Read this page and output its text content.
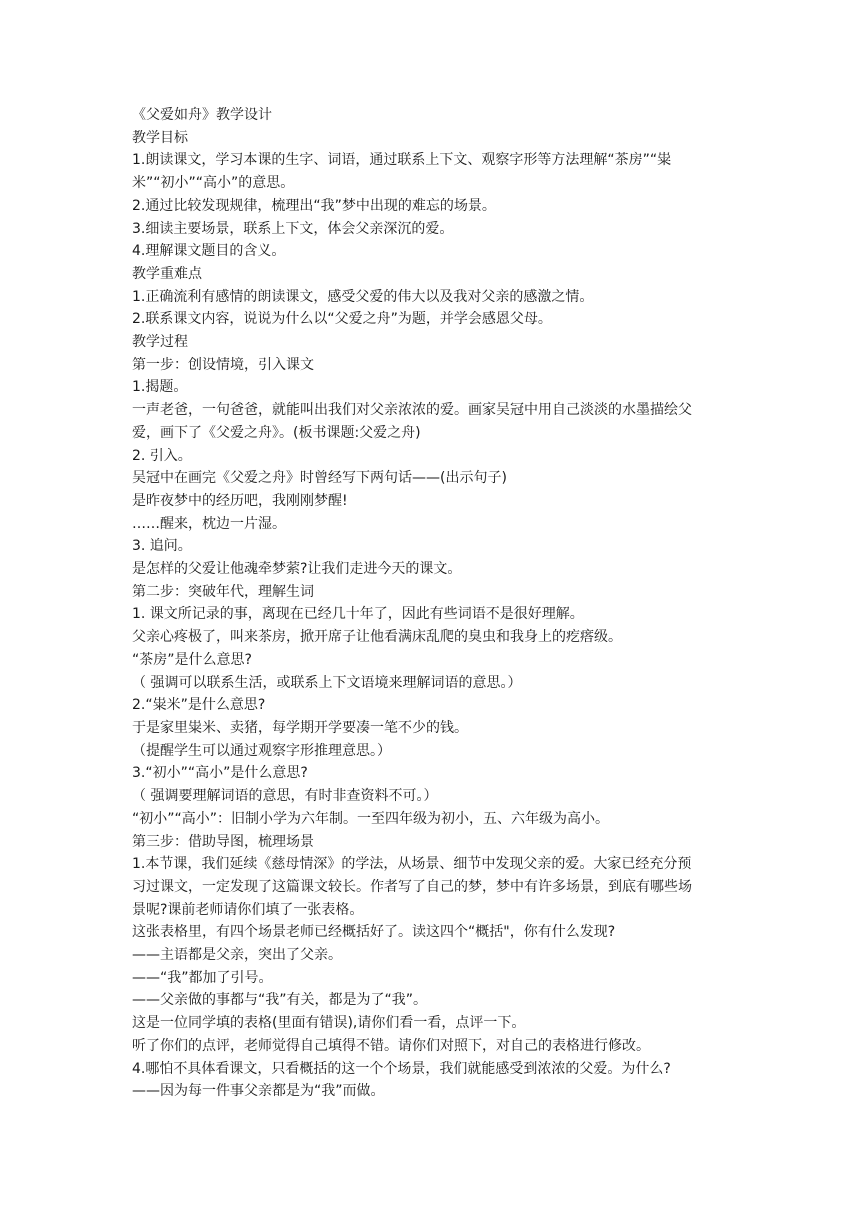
《父爱如舟》教学设计

教学目标

1.朗读课文，学习本课的生字、词语，通过联系上下文、观察字形等方法理解“茶房”“粜

米”“初小”“高小”的意思。

2.通过比较发现规律，梳理出“我”梦中出现的难忘的场景。

3.细读主要场景，联系上下文，体会父亲深沉的爱。

4.理解课文题目的含义。

教学重难点

1.正确流利有感情的朗读课文，感受父爱的伟大以及我对父亲的感激之情。

2.联系课文内容，说说为什么以“父爱之舟”为题，并学会感恩父母。

教学过程

第一步：创设情境，引入课文

1.揭题。

一声老爸，一句爸爸，就能叫出我们对父亲浓浓的爱。画家吴冠中用自己淡淡的水墨描绘父

爱，画下了《父爱之舟》。(板书课题:父爱之舟)

2. 引入。

吴冠中在画完《父爱之舟》时曾经写下两句话——(出示句子)

是昨夜梦中的经历吧，我刚刚梦醒!

……醒来，枕边一片湿。

3. 追问。

是怎样的父爱让他魂牵梦萦?让我们走进今天的课文。

第二步：突破年代，理解生词

1. 课文所记录的事，离现在已经几十年了，因此有些词语不是很好理解。

父亲心疼极了，叫来茶房，掀开席子让他看满床乱爬的臭虫和我身上的疙瘩级。

“茶房”是什么意思?

（ 强调可以联系生活，或联系上下文语境来理解词语的意思。）

2.“粜米”是什么意思?

于是家里粜米、卖猪，每学期开学要凑一笔不少的钱。

（提醒学生可以通过观察字形推理意思。）

3.“初小”“高小”是什么意思?

（ 强调要理解词语的意思，有时非查资料不可。）

“初小”“高小”：旧制小学为六年制。一至四年级为初小，五、六年级为高小。

第三步：借助导图，梳理场景

1.本节课，我们延续《慈母情深》的学法，从场景、细节中发现父亲的爱。大家已经充分预

习过课文，一定发现了这篇课文较长。作者写了自己的梦，梦中有许多场景，到底有哪些场

景呢?课前老师请你们填了一张表格。

这张表格里，有四个场景老师已经概括好了。读这四个“概括"，你有什么发现?

——主语都是父亲，突出了父亲。

——“我”都加了引号。

——父亲做的事都与“我”有关，都是为了“我”。

这是一位同学填的表格(里面有错误),请你们看一看，点评一下。

听了你们的点评，老师觉得自己填得不错。请你们对照下，对自己的表格进行修改。

4.哪怕不具体看课文，只看概括的这一个个场景，我们就能感受到浓浓的父爱。为什么?

——因为每一件事父亲都是为“我”而做。
